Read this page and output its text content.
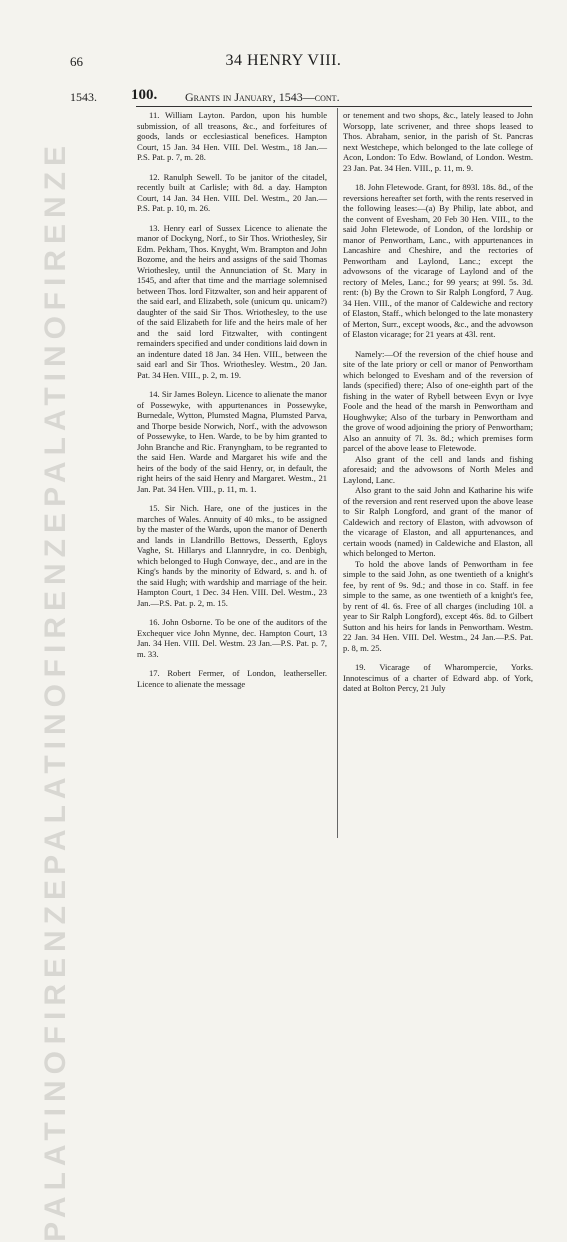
FIRENZE
PALATINO
FIRENZE
PALATINO
FIRENZE
PALATINO
66	34 HENRY VIII.
1543. 100. Grants in January, 1543—cont.

11. William Layton. Pardon, upon his humble submission, of all treasons, &c., and forfeitures of goods, lands or ecclesiastical benefices. Hampton Court, 15 Jan. 34 Hen. VIII. Del. Westm., 18 Jan.—P.S. Pat. p. 7, m. 28.

12. Ranulph Sewell. To be janitor of the citadel, recently built at Carlisle; with 8d. a day. Hampton Court, 14 Jan. 34 Hen. VIII. Del. Westm., 20 Jan.—P.S. Pat. p. 10, m. 26.

13. Henry earl of Sussex Licence to alienate the manor of Dockyng, Norf., to Sir Thos. Wriothesley, Sir Edm. Pekham, Thos. Knyght, Wm. Brampton and John Bozome, and the heirs and assigns of the said Thomas Wriothesley, until the Annunciation of St. Mary in 1545, and after that time and the marriage solemnised between Thos. lord Fitzwalter, son and heir apparent of the said earl, and Elizabeth, sole (unicum qu. unicam?) daughter of the said Sir Thos. Wriothesley, to the use of the said Elizabeth for life and the heirs male of her and the said lord Fitzwalter, with contingent remainders specified and under conditions laid down in an indenture dated 18 Jan. 34 Hen. VIII., between the said earl and Sir Thos. Wriothesley. Westm., 20 Jan. Pat. 34 Hen. VIII., p. 2, m. 19.

14. Sir James Boleyn. Licence to alienate the manor of Possewyke, with appurtenances in Possewyke, Burnedale, Wytton, Plumsted Magna, Plumsted Parva, and Thorpe beside Norwich, Norf., with the advowson of Possewyke, to Hen. Warde, to be by him granted to John Branche and Ric. Franyngham, to be regranted to the said Hen. Warde and Margaret his wife and the heirs of the body of the said Henry, or, in default, the right heirs of the said Henry and Margaret. Westm., 21 Jan. Pat. 34 Hen. VIII., p. 11, m. 1.

15. Sir Nich. Hare, one of the justices in the marches of Wales. Annuity of 40 mks., to be assigned by the master of the Wards, upon the manor of Denerth and lands in Llandrillo Bettows, Desserth, Egloys Vaghe, St. Hillarys and Llannrydre, in co. Denbigh, which belonged to Hugh Conwaye, dec., and are in the King's hands by the minority of Edward, s. and h. of the said Hugh; with wardship and marriage of the heir. Hampton Court, 1 Dec. 34 Hen. VIII. Del. Westm., 23 Jan.—P.S. Pat. p. 2, m. 15.

16. John Osborne. To be one of the auditors of the Exchequer vice John Mynne, dec. Hampton Court, 13 Jan. 34 Hen. VIII. Del. Westm. 23 Jan.—P.S. Pat. p. 7, m. 33.

17. Robert Fermer, of London, leatherseller. Licence to alienate the message

or tenement and two shops, &c., lately leased to John Worsopp, late scrivener, and three shops leased to Thos. Abraham, senior, in the parish of St. Pancras next Westchepe, which belonged to the late college of Acon, London: To Edw. Bowland, of London. Westm. 23 Jan. Pat. 34 Hen. VIII., p. 11, m. 9.

18. John Fletewode. Grant, for 893l. 18s. 8d., of the reversions hereafter set forth, with the rents reserved in the following leases:—(a) By Philip, late abbot, and the convent of Evesham, 20 Feb 30 Hen. VIII., to the said John Fletewode, of London, of the lordship or manor of Penwortham, Lanc., with appurtenances in Lancashire and Cheshire, and the rectories of Penwortham and Laylond, Lanc.; except the advowsons of the vicarage of Laylond and of the rectory of Meles, Lanc.; for 99 years; at 99l. 5s. 3d. rent: (b) By the Crown to Sir Ralph Longford, 7 Aug. 34 Hen. VIII., of the manor of Caldewiche and rectory of Elaston, Staff., which belonged to the late monastery of Merton, Surr., except woods, &c., and the advowson of Elaston vicarage; for 21 years at 43l. rent.

Namely:—Of the reversion of the chief house and site of the late priory or cell or manor of Penwortham which belonged to Evesham and of the reversion of lands (specified) there; Also of one-eighth part of the fishing in the water of Rybell between Evyn or Ivye Foole and the head of the marsh in Penwortham and Houghwyke; Also of the turbary in Penwortham and the grove of wood adjoining the priory of Penwortham; Also an annuity of 7l. 3s. 8d.; which premises form parcel of the above lease to Fletewode.

Also grant of the cell and lands and fishing aforesaid; and the advowsons of North Meles and Laylond, Lanc.

Also grant to the said John and Katharine his wife of the reversion and rent reserved upon the above lease to Sir Ralph Longford, and grant of the manor of Caldewich and rectory of Elaston, with advowson of the vicarage of Elaston, and all appurtenances, and certain woods (named) in Caldewiche and Elaston, all which belonged to Merton.

To hold the above lands of Penwortham in fee simple to the said John, as one twentieth of a knight's fee, by rent of 9s. 9d.; and those in co. Staff. in fee simple to the same, as one twentieth of a knight's fee, by rent of 4l. 6s. Free of all charges (including 10l. a year to Sir Ralph Longford), except 46s. 8d. to Gilbert Sutton and his heirs for lands in Penwortham. Westm. 22 Jan. 34 Hen. VIII. Del. Westm., 24 Jan.—P.S. Pat. p. 8, m. 25.

19. Vicarage of Wharompercie, Yorks. Innotescimus of a charter of Edward abp. of York, dated at Bolton Percy, 21 July
